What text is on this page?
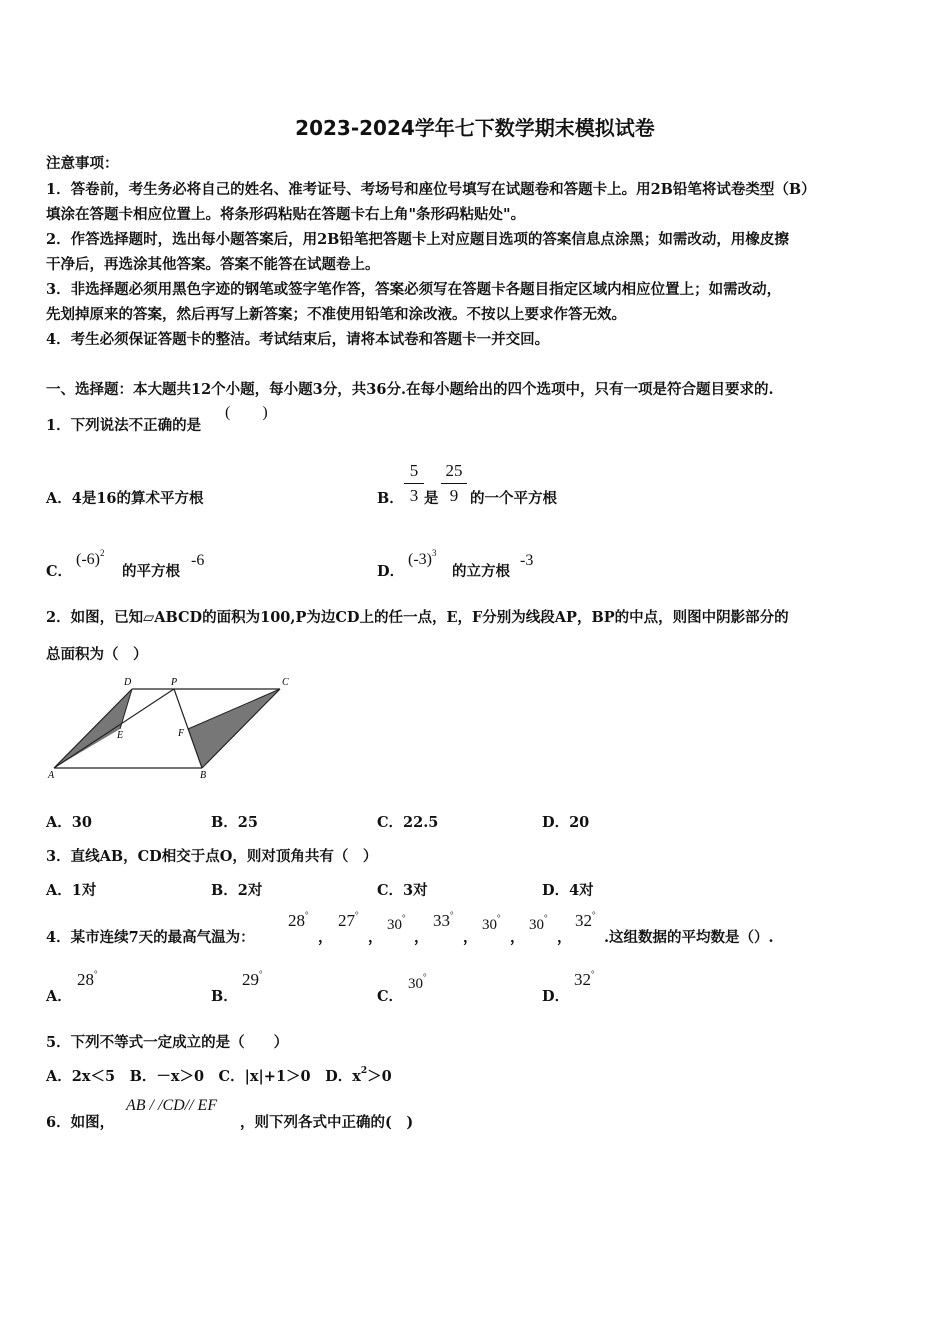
2023-2024学年七下数学期末模拟试卷
注意事项：
1．答卷前，考生务必将自己的姓名、准考证号、考场号和座位号填写在试题卷和答题卡上。用2B铅笔将试卷类型（B）
填涂在答题卡相应位置上。将条形码粘贴在答题卡右上角"条形码粘贴处"。
2．作答选择题时，选出每小题答案后，用2B铅笔把答题卡上对应题目选项的答案信息点涂黑；如需改动，用橡皮擦
干净后，再选涂其他答案。答案不能答在试题卷上。
3．非选择题必须用黑色字迹的钢笔或签字笔作答，答案必须写在答题卡各题目指定区域内相应位置上；如需改动，
先划掉原来的答案，然后再写上新答案；不准使用铅笔和涂改液。不按以上要求作答无效。
4．考生必须保证答题卡的整洁。考试结束后，请将本试卷和答题卡一并交回。
一、选择题：本大题共12个小题，每小题3分，共36分.在每小题给出的四个选项中，只有一项是符合题目要求的.
1．下列说法不正确的是
(　　)
A．4是16的算术平方根	B．
5
3 是
25
9 的一个平方根
C．
$(-6)^2$
的平方根
-6
D．
$(-3)^3$
的立方根
-3
2．如图，已知▱ABCD的面积为100,P为边CD上的任一点，E，F分别为线段AP，BP的中点，则图中阴影部分的
总面积为（　）
D	P	C
E	F
A	B
A．30	B．25	C．22.5	D．20
3．直线AB，CD相交于点O，则对顶角共有（　）
A．1对	B．2对	C．3对	D．4对
4．某市连续7天的最高气温为：
28°
，
27°
，
30°
，
33°
，
30°
，
30°
，
32°
.这组数据的平均数是（）.
A．
28°
B．
29°
C．
30°
D．
32°
5．下列不等式一定成立的是（　　）
A．2x＜5　B．－x＞0　C．|x|+1＞0　D．$x^2>0$
6．如图，
AB / /CD// EF
，则下列各式中正确的(　)
